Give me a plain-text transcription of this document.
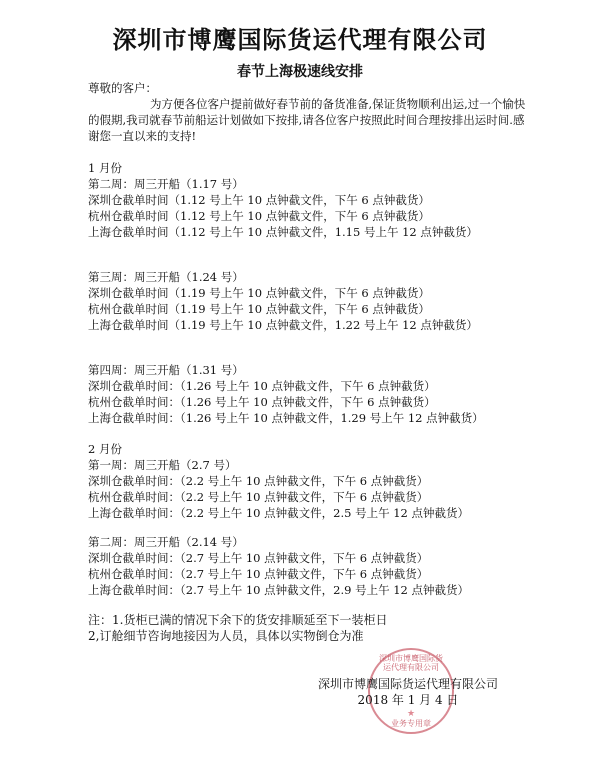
深圳市博鹰国际货运代理有限公司
春节上海极速线安排
尊敬的客户：
为方便各位客户提前做好春节前的备货准备,保证货物顺利出运,过一个愉快的假期,我司就春节前船运计划做如下按排,请各位客户按照此时间合理按排出运时间.感谢您一直以来的支持!
1 月份
第二周：周三开船（1.17 号）
深圳仓截单时间（1.12 号上午 10 点钟截文件，下午 6 点钟截货）
杭州仓截单时间（1.12 号上午 10 点钟截文件，下午 6 点钟截货）
上海仓截单时间（1.12 号上午 10 点钟截文件，1.15 号上午 12 点钟截货）
第三周：周三开船（1.24 号）
深圳仓截单时间（1.19 号上午 10 点钟截文件，下午 6 点钟截货）
杭州仓截单时间（1.19 号上午 10 点钟截文件，下午 6 点钟截货）
上海仓截单时间（1.19 号上午 10 点钟截文件，1.22 号上午 12 点钟截货）
第四周：周三开船（1.31 号）
深圳仓截单时间：（1.26 号上午 10 点钟截文件，下午 6 点钟截货）
杭州仓截单时间：（1.26 号上午 10 点钟截文件，下午 6 点钟截货）
上海仓截单时间：（1.26 号上午 10 点钟截文件，1.29 号上午 12 点钟截货）
2 月份
第一周：周三开船（2.7 号）
深圳仓截单时间：（2.2 号上午 10 点钟截文件，下午 6 点钟截货）
杭州仓截单时间：（2.2 号上午 10 点钟截文件，下午 6 点钟截货）
上海仓截单时间：（2.2 号上午 10 点钟截文件，2.5 号上午 12 点钟截货）
第二周：周三开船（2.14 号）
深圳仓截单时间：（2.7 号上午 10 点钟截文件，下午 6 点钟截货）
杭州仓截单时间：（2.7 号上午 10 点钟截文件，下午 6 点钟截货）
上海仓截单时间：（2.7 号上午 10 点钟截文件，2.9 号上午 12 点钟截货）
注：1.货柜已满的情况下余下的货安排顺延至下一装柜日
2,订舱细节咨询地接因为人员，具体以实物倒仓为准
深圳市博鹰国际货运代理有限公司
★
业务专用章
深圳市博鹰国际货运代理有限公司
2018 年 1 月 4 日
